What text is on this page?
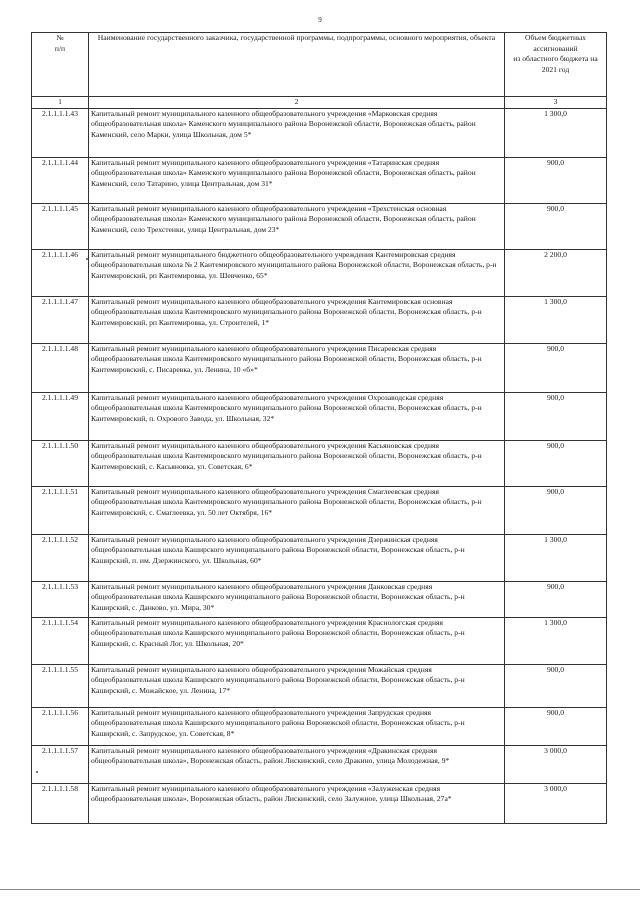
9
№
п/п	Наименование государственного заказчика, государственной программы, подпрограммы, основного мероприятия, объекта	Объем бюджетных ассигнований
из областного бюджета на 2021 год
1	2	3
2.1.1.1.1.43	Капитальный ремонт муниципального казенного общеобразовательного учреждения «Марковская средняя общеобразовательная школа» Каменского муниципального района Воронежской области, Воронежская область, район Каменский, село Марки, улица Школьная, дом 5*	1 300,0
2.1.1.1.1.44	Капитальный ремонт муниципального казенного общеобразовательного учреждения «Татаринская средняя общеобразовательная школа» Каменского муниципального района Воронежской области, Воронежская область, район Каменский, село Татарино, улица Центральная, дом 31*	900,0
2.1.1.1.1.45	Капитальный ремонт муниципального казенного общеобразовательного учреждения «Трехстенская основная общеобразовательная школа» Каменского муниципального района Воронежской области, Воронежская область, район Каменский, село Трехстенки, улица Центральная, дом 23*	900,0
2.1.1.1.1.46	Капитальный ремонт муниципального бюджетного общеобразовательного учреждения Кантемировская средняя общеобразовательная школа № 2 Кантемировского муниципального района Воронежской области, Воронежская область, р-н Кантемировский, рп Кантемировка, ул. Шевченко, 65*	2 200,0
2.1.1.1.1.47	Капитальный ремонт муниципального казенного общеобразовательного учреждения Кантемировская основная общеобразовательная школа Кантемировского муниципального района Воронежской области, Воронежская область, р-н Кантемировский, рп Кантемировка, ул. Строителей, 1*	1 300,0
2.1.1.1.1.48	Капитальный ремонт муниципального казенного общеобразовательного учреждения Писаревская средняя общеобразовательная школа Кантемировского муниципального района Воронежской области, Воронежская область, р-н Кантемировский, с. Писаревка, ул. Ленина, 10 «б»*	900,0
2.1.1.1.1.49	Капитальный ремонт муниципального казенного общеобразовательного учреждения Охрозаводская средняя общеобразовательная школа Кантемировского муниципального района Воронежской области, Воронежская область, р-н Кантемировский, п. Охрового Завода, ул. Школьная, 32*	900,0
2.1.1.1.1.50	Капитальный ремонт муниципального казенного общеобразовательного учреждения Касьяновская средняя общеобразовательная школа Кантемировского муниципального района Воронежской области, Воронежская область, р-н Кантемировский, с. Касьяновка, ул. Советская, 6*	900,0
2.1.1.1.1.51	Капитальный ремонт муниципального казенного общеобразовательного учреждения Смаглеевская средняя общеобразовательная школа Кантемировского муниципального района Воронежской области, Воронежская область, р-н Кантемировский, с. Смаглеевка, ул. 50 лет Октября, 16*	900,0
2.1.1.1.1.52	Капитальный ремонт муниципального казенного общеобразовательного учреждения Дзержинская средняя общеобразовательная школа Каширского муниципального района Воронежской области, Воронежская область, р-н Каширский, п. им. Дзержинского, ул. Школьная, 60*	1 300,0
2.1.1.1.1.53	Капитальный ремонт муниципального казенного общеобразовательного учреждения Данковская средняя общеобразовательная школа Каширского муниципального района Воронежской области, Воронежская область, р-н Каширский, с. Данково, ул. Мира, 30*	900,0
2.1.1.1.1.54	Капитальный ремонт муниципального казенного общеобразовательного учреждения Краснологская средняя общеобразовательная школа Каширского муниципального района Воронежской области, Воронежская область, р-н Каширский, с. Красный Лог, ул. Школьная, 20*	1 300,0
2.1.1.1.1.55	Капитальный ремонт муниципального казенного общеобразовательного учреждения Можайская средняя общеобразовательная школа Каширского муниципального района Воронежской области, Воронежская область, р-н Каширский, с. Можайское, ул. Ленина, 17*	900,0
2.1.1.1.1.56	Капитальный ремонт муниципального казенного общеобразовательного учреждения Запрудская средняя общеобразовательная школа Каширского муниципального района Воронежской области, Воронежская область, р-н Каширский, с. Запрудское, ул. Советская, 8*	900,0
2.1.1.1.1.57	Капитальный ремонт муниципального казенного общеобразовательного учреждения «Дракинская средняя общеобразовательная школа», Воронежская область, район Лискинский, село Дракино, улица Молодежная, 9*	3 000,0
2.1.1.1.1.58	Капитальный ремонт муниципального казенного общеобразовательного учреждения «Залуженская средняя общеобразовательная школа», Воронежская область, район Лискинский, село Залужное, улица Школьная, 27а*	3 000,0
